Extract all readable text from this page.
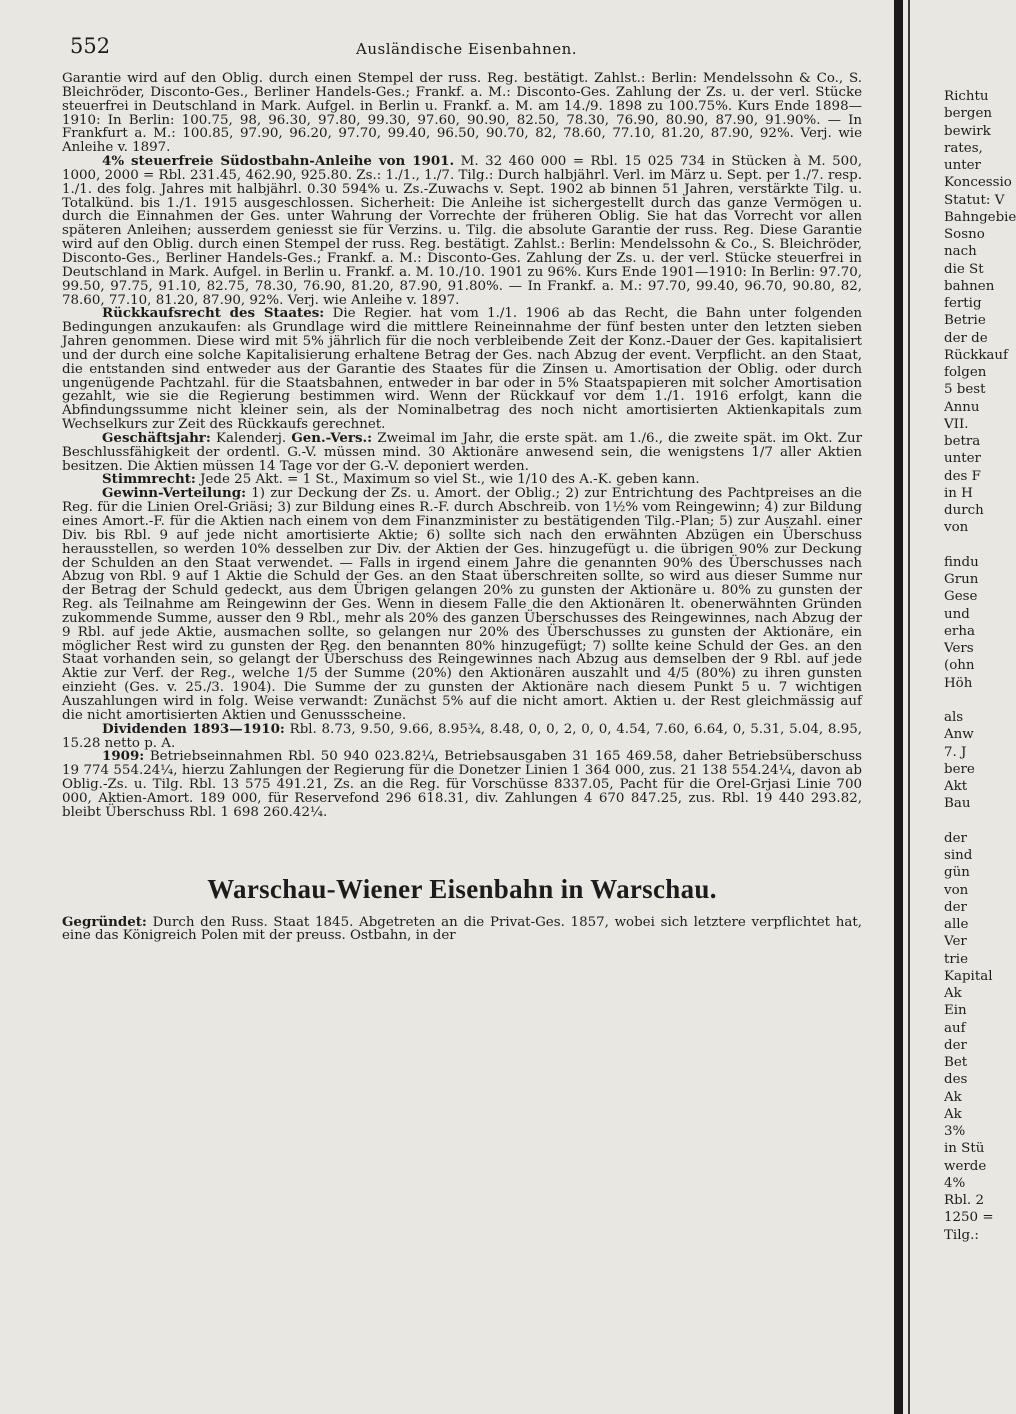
552	Ausländische Eisenbahnen.

Garantie wird auf den Oblig. durch einen Stempel der russ. Reg. bestätigt. Zahlst.: Berlin: Mendelssohn & Co., S. Bleichröder, Disconto-Ges., Berliner Handels-Ges.; Frankf. a. M.: Disconto-Ges. Zahlung der Zs. u. der verl. Stücke steuerfrei in Deutschland in Mark. Aufgel. in Berlin u. Frankf. a. M. am 14./9. 1898 zu 100.75%. Kurs Ende 1898—1910: In Berlin: 100.75, 98, 96.30, 97.80, 99.30, 97.60, 90.90, 82.50, 78.30, 76.90, 80.90, 87.90, 91.90%. — In Frankfurt a. M.: 100.85, 97.90, 96.20, 97.70, 99.40, 96.50, 90.70, 82, 78.60, 77.10, 81.20, 87.90, 92%. Verj. wie Anleihe v. 1897.

4% steuerfreie Südostbahn-Anleihe von 1901. M. 32 460 000 = Rbl. 15 025 734 in Stücken à M. 500, 1000, 2000 = Rbl. 231.45, 462.90, 925.80. Zs.: 1./1., 1./7. Tilg.: Durch halbjährl. Verl. im März u. Sept. per 1./7. resp. 1./1. des folg. Jahres mit halbjährl. 0.30 594% u. Zs.-Zuwachs v. Sept. 1902 ab binnen 51 Jahren, verstärkte Tilg. u. Totalkünd. bis 1./1. 1915 ausgeschlossen. Sicherheit: Die Anleihe ist sichergestellt durch das ganze Vermögen u. durch die Einnahmen der Ges. unter Wahrung der Vorrechte der früheren Oblig. Sie hat das Vorrecht vor allen späteren Anleihen; ausserdem geniesst sie für Verzins. u. Tilg. die absolute Garantie der russ. Reg. Diese Garantie wird auf den Oblig. durch einen Stempel der russ. Reg. bestätigt. Zahlst.: Berlin: Mendelssohn & Co., S. Bleichröder, Disconto-Ges., Berliner Handels-Ges.; Frankf. a. M.: Disconto-Ges. Zahlung der Zs. u. der verl. Stücke steuerfrei in Deutschland in Mark. Aufgel. in Berlin u. Frankf. a. M. 10./10. 1901 zu 96%. Kurs Ende 1901—1910: In Berlin: 97.70, 99.50, 97.75, 91.10, 82.75, 78.30, 76.90, 81.20, 87.90, 91.80%. — In Frankf. a. M.: 97.70, 99.40, 96.70, 90.80, 82, 78.60, 77.10, 81.20, 87.90, 92%. Verj. wie Anleihe v. 1897.

Rückkaufsrecht des Staates: Die Regier. hat vom 1./1. 1906 ab das Recht, die Bahn unter folgenden Bedingungen anzukaufen: als Grundlage wird die mittlere Reineinnahme der fünf besten unter den letzten sieben Jahren genommen. Diese wird mit 5% jährlich für die noch verbleibende Zeit der Konz.-Dauer der Ges. kapitalisiert und der durch eine solche Kapitalisierung erhaltene Betrag der Ges. nach Abzug der event. Verpflicht. an den Staat, die entstanden sind entweder aus der Garantie des Staates für die Zinsen u. Amortisation der Oblig. oder durch ungenügende Pachtzahl. für die Staatsbahnen, entweder in bar oder in 5% Staatspapieren mit solcher Amortisation gezahlt, wie sie die Regierung bestimmen wird. Wenn der Rückkauf vor dem 1./1. 1916 erfolgt, kann die Abfindungssumme nicht kleiner sein, als der Nominalbetrag des noch nicht amortisierten Aktienkapitals zum Wechselkurs zur Zeit des Rückkaufs gerechnet.

Geschäftsjahr: Kalenderj. Gen.-Vers.: Zweimal im Jahr, die erste spät. am 1./6., die zweite spät. im Okt. Zur Beschlussfähigkeit der ordentl. G.-V. müssen mind. 30 Aktionäre anwesend sein, die wenigstens 1/7 aller Aktien besitzen. Die Aktien müssen 14 Tage vor der G.-V. deponiert werden.

Stimmrecht: Jede 25 Akt. = 1 St., Maximum so viel St., wie 1/10 des A.-K. geben kann.

Gewinn-Verteilung: 1) zur Deckung der Zs. u. Amort. der Oblig.; 2) zur Entrichtung des Pachtpreises an die Reg. für die Linien Orel-Griäsi; 3) zur Bildung eines R.-F. durch Abschreib. von 1½% vom Reingewinn; 4) zur Bildung eines Amort.-F. für die Aktien nach einem von dem Finanzminister zu bestätigenden Tilg.-Plan; 5) zur Auszahl. einer Div. bis Rbl. 9 auf jede nicht amortisierte Aktie; 6) sollte sich nach den erwähnten Abzügen ein Überschuss herausstellen, so werden 10% desselben zur Div. der Aktien der Ges. hinzugefügt u. die übrigen 90% zur Deckung der Schulden an den Staat verwendet. — Falls in irgend einem Jahre die genannten 90% des Überschusses nach Abzug von Rbl. 9 auf 1 Aktie die Schuld der Ges. an den Staat überschreiten sollte, so wird aus dieser Summe nur der Betrag der Schuld gedeckt, aus dem Übrigen gelangen 20% zu gunsten der Aktionäre u. 80% zu gunsten der Reg. als Teilnahme am Reingewinn der Ges. Wenn in diesem Falle die den Aktionären lt. obenerwähnten Gründen zukommende Summe, ausser den 9 Rbl., mehr als 20% des ganzen Überschusses des Reingewinnes, nach Abzug der 9 Rbl. auf jede Aktie, ausmachen sollte, so gelangen nur 20% des Überschusses zu gunsten der Aktionäre, ein möglicher Rest wird zu gunsten der Reg. den benannten 80% hinzugefügt; 7) sollte keine Schuld der Ges. an den Staat vorhanden sein, so gelangt der Überschuss des Reingewinnes nach Abzug aus demselben der 9 Rbl. auf jede Aktie zur Verf. der Reg., welche 1/5 der Summe (20%) den Aktionären auszahlt und 4/5 (80%) zu ihren gunsten einzieht (Ges. v. 25./3. 1904). Die Summe der zu gunsten der Aktionäre nach diesem Punkt 5 u. 7 wichtigen Auszahlungen wird in folg. Weise verwandt: Zunächst 5% auf die nicht amort. Aktien u. der Rest gleichmässig auf die nicht amortisierten Aktien und Genussscheine.

Dividenden 1893—1910: Rbl. 8.73, 9.50, 9.66, 8.95¾, 8.48, 0, 0, 2, 0, 0, 4.54, 7.60, 6.64, 0, 5.31, 5.04, 8.95, 15.28 netto p. A.

1909: Betriebseinnahmen Rbl. 50 940 023.82¼, Betriebsausgaben 31 165 469.58, daher Betriebsüberschuss 19 774 554.24¼, hierzu Zahlungen der Regierung für die Donetzer Linien 1 364 000, zus. 21 138 554.24¼, davon ab Oblig.-Zs. u. Tilg. Rbl. 13 575 491.21, Zs. an die Reg. für Vorschüsse 8337.05, Pacht für die Orel-Grjasi Linie 700 000, Aktien-Amort. 189 000, für Reservefond 296 618.31, div. Zahlungen 4 670 847.25, zus. Rbl. 19 440 293.82, bleibt Überschuss Rbl. 1 698 260.42¼.

Warschau-Wiener Eisenbahn in Warschau.

Gegründet: Durch den Russ. Staat 1845. Abgetreten an die Privat-Ges. 1857, wobei sich letztere verpflichtet hat, eine das Königreich Polen mit der preuss. Ostbahn, in der

Richtu
bergen
bewirk
rates,
unter
Koncessio
Statut: V
Bahngebie
Sosno
nach
die St
bahnen
fertig
Betrie
der de
Rückkauf
folgen
5 best
Annu
VII.
betra
unter
des F
in H
durch
von
findu
Grun
Gese
und
erha
Vers
(ohn
Höh
als
Anw
7. J
bere
Akt
Bau
der
sind
gün
von
der
alle
Ver
trie
Kapital
Ak
Ein
auf
der
Bet
des
Ak
Ak
3%
in Stü
werde
4%
Rbl. 2
1250 =
Tilg.:
